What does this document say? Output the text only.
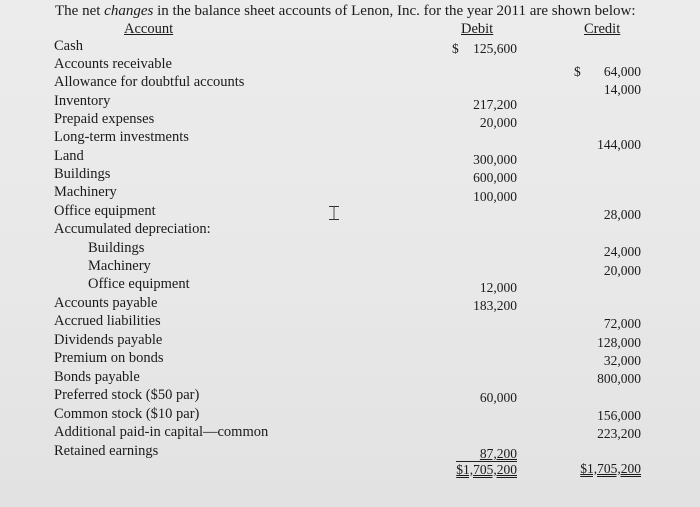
The net changes in the balance sheet accounts of Lenon, Inc. for the year 2011 are shown below:
Account	Debit	Credit
Cash
Accounts receivable
Allowance for doubtful accounts
Inventory
Prepaid expenses
Long-term investments
Land
Buildings
Machinery
Office equipment
Accumulated depreciation:
Buildings
Machinery
Office equipment
Accounts payable
Accrued liabilities
Dividends payable
Premium on bonds
Bonds payable
Preferred stock ($50 par)
Common stock ($10 par)
Additional paid-in capital—common
Retained earnings
$ 125,600
217,200
20,000
300,000
600,000
100,000
12,000
183,200
60,000
87,200
$1,705,200
$ 64,000
14,000
144,000
28,000
24,000
20,000
72,000
128,000
32,000
800,000
156,000
223,200
$1,705,200
⌶
